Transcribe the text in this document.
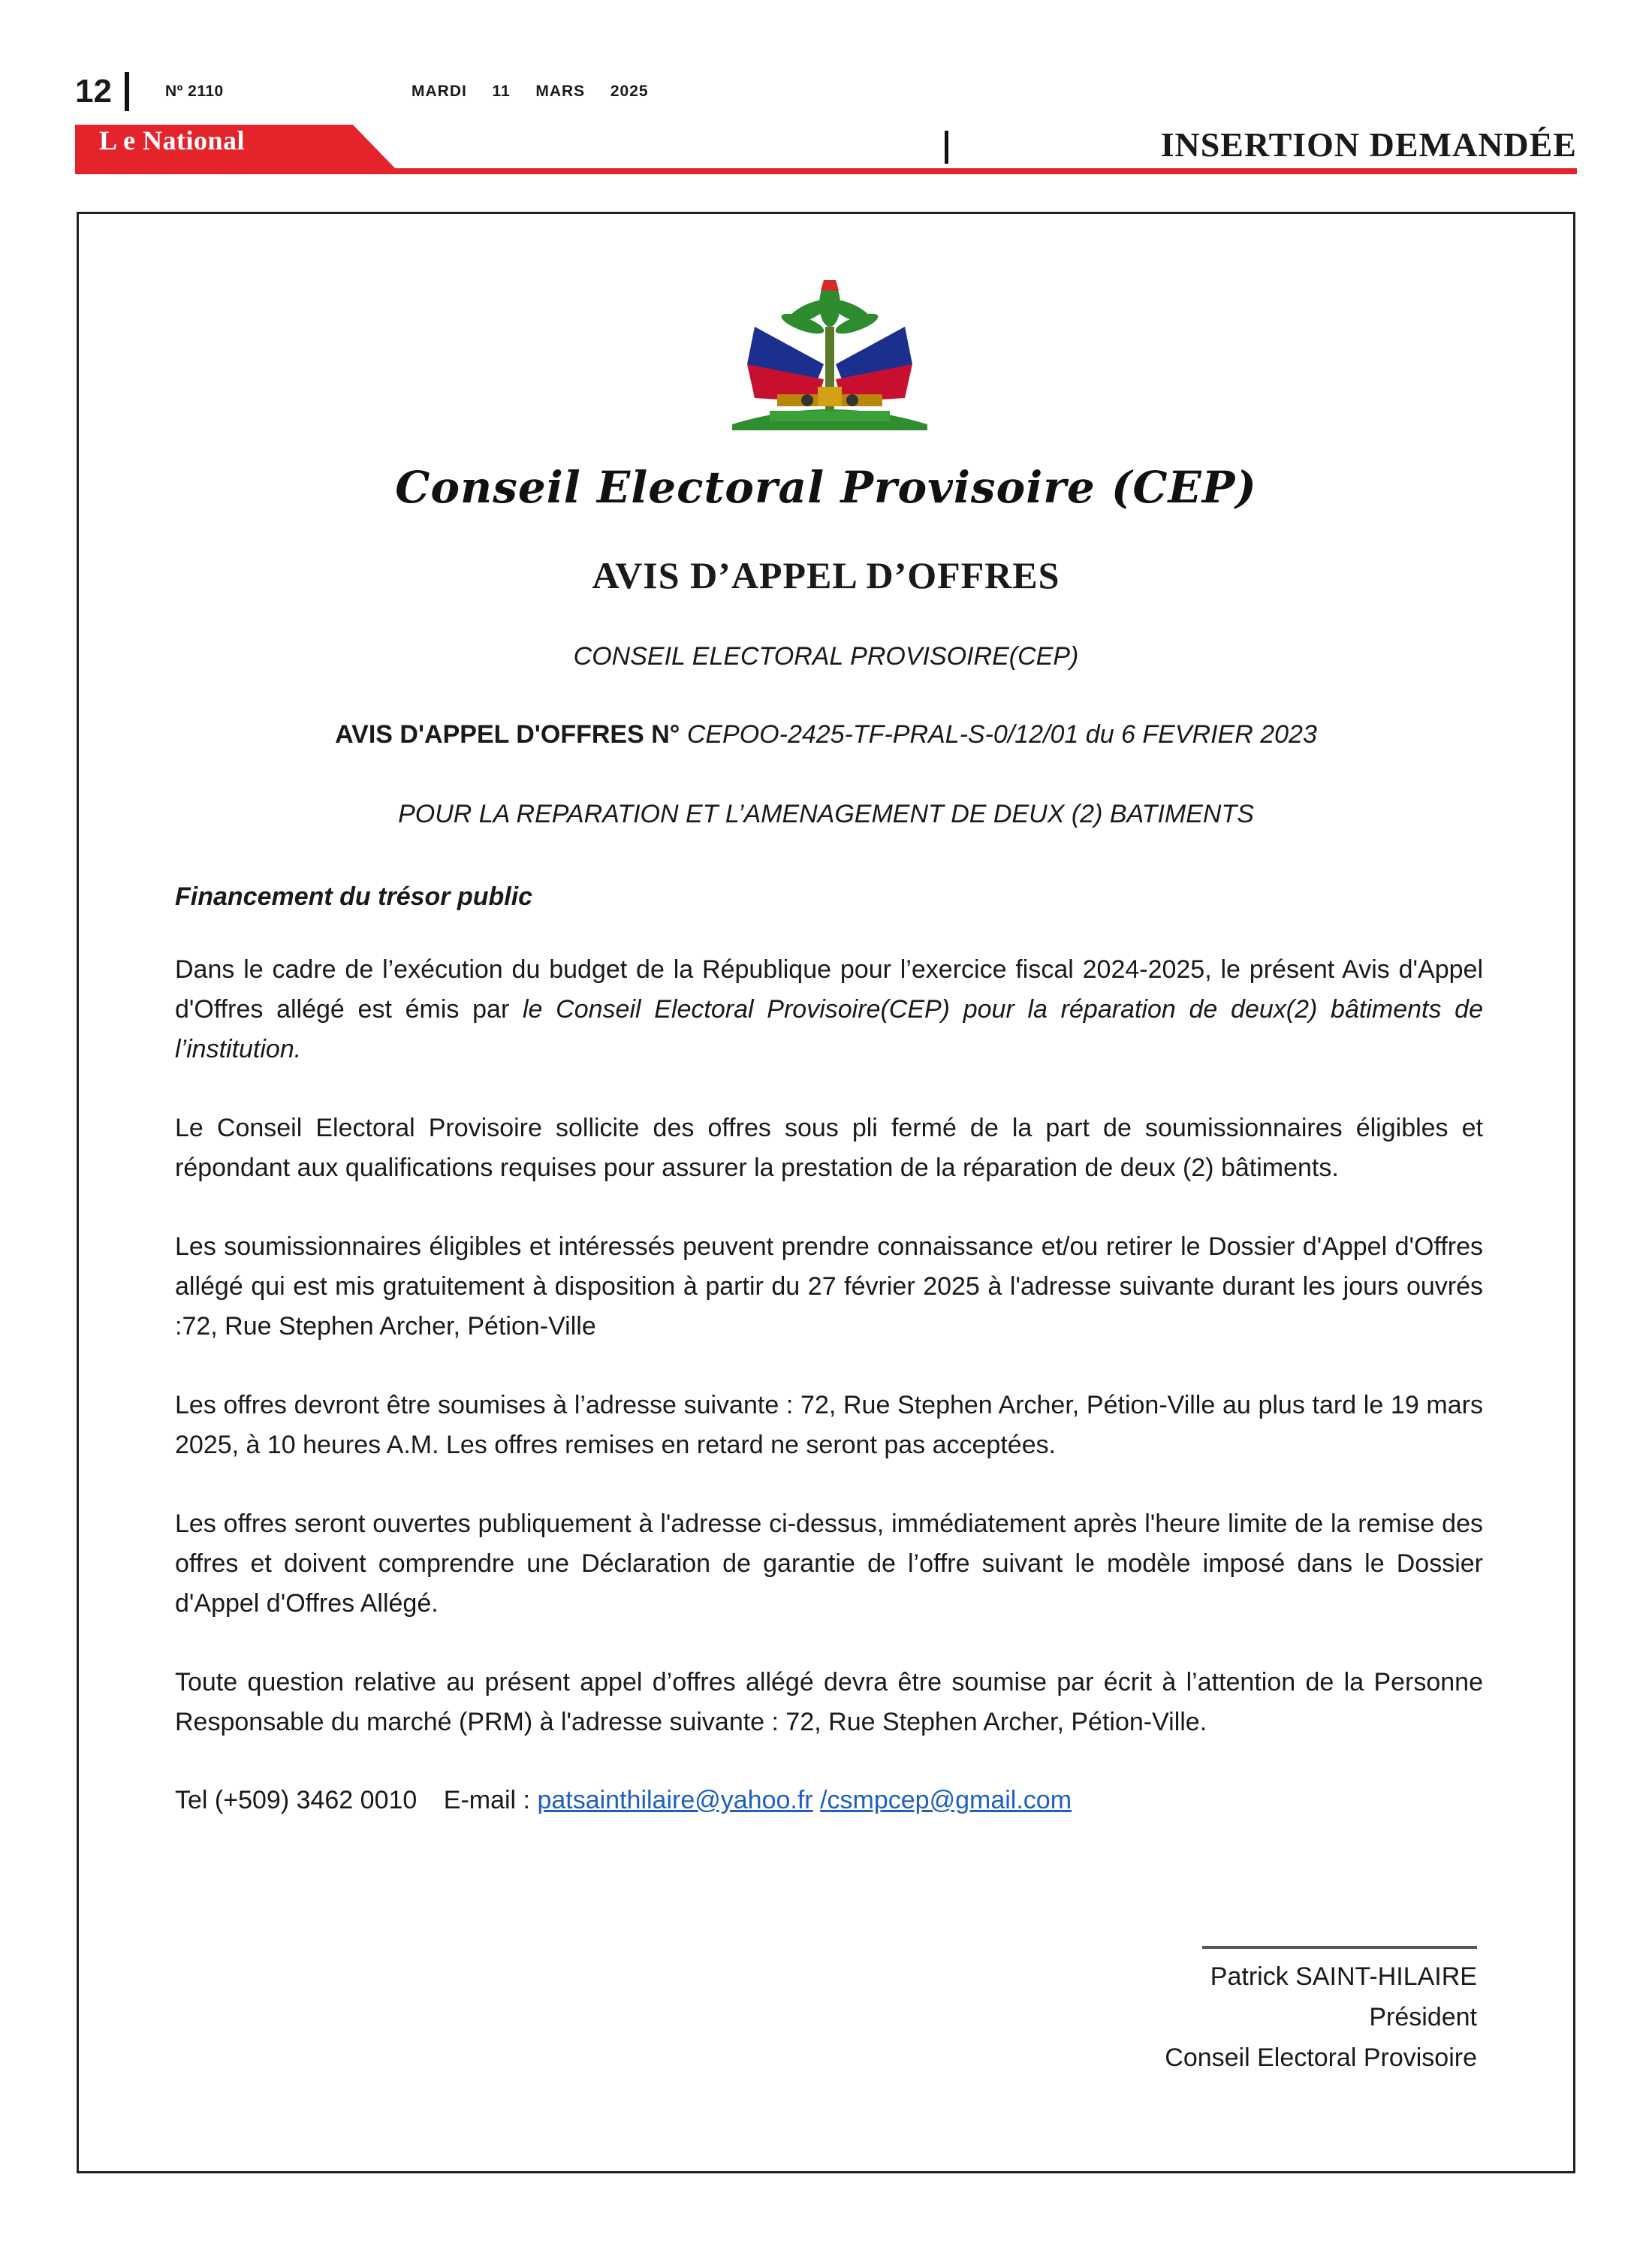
12	Nº 2110	MARDI  11  MARS  2025
L e National	INSERTION DEMANDÉE
Conseil Electoral Provisoire (CEP)
AVIS D’APPEL D’OFFRES
CONSEIL ELECTORAL PROVISOIRE(CEP)
AVIS D'APPEL D'OFFRES N° CEPOO-2425-TF-PRAL-S-0/12/01 du 6 FEVRIER 2023
POUR LA REPARATION ET L’AMENAGEMENT DE DEUX (2) BATIMENTS

Financement du trésor public

Dans le cadre de l’exécution du budget de la République pour l’exercice fiscal 2024-2025, le présent Avis d'Appel d'Offres allégé est émis par le Conseil Electoral Provisoire(CEP) pour la réparation de deux(2) bâtiments de l’institution.

Le Conseil Electoral Provisoire sollicite des offres sous pli fermé de la part de soumissionnaires éligibles et répondant aux qualifications requises pour assurer la prestation de la réparation de deux (2) bâtiments.

Les soumissionnaires éligibles et intéressés peuvent prendre connaissance et/ou retirer le Dossier d'Appel d'Offres allégé qui est mis gratuitement à disposition à partir du 27 février 2025 à l'adresse suivante durant les jours ouvrés :72, Rue Stephen Archer, Pétion-Ville

Les offres devront être soumises à l’adresse suivante : 72, Rue Stephen Archer, Pétion-Ville au plus tard le 19 mars 2025, à 10 heures A.M. Les offres remises en retard ne seront pas acceptées.

Les offres seront ouvertes publiquement à l'adresse ci-dessus, immédiatement après l'heure limite de la remise des offres et doivent comprendre une Déclaration de garantie de l’offre suivant le modèle imposé dans le Dossier d'Appel d'Offres Allégé.

Toute question relative au présent appel d’offres allégé devra être soumise par écrit à l’attention de la Personne Responsable du marché (PRM) à l'adresse suivante : 72, Rue Stephen Archer, Pétion-Ville.

Tel (+509) 3462 0010 E-mail : patsainthilaire@yahoo.fr /csmpcep@gmail.com

Patrick SAINT-HILAIRE
Président
Conseil Electoral Provisoire
